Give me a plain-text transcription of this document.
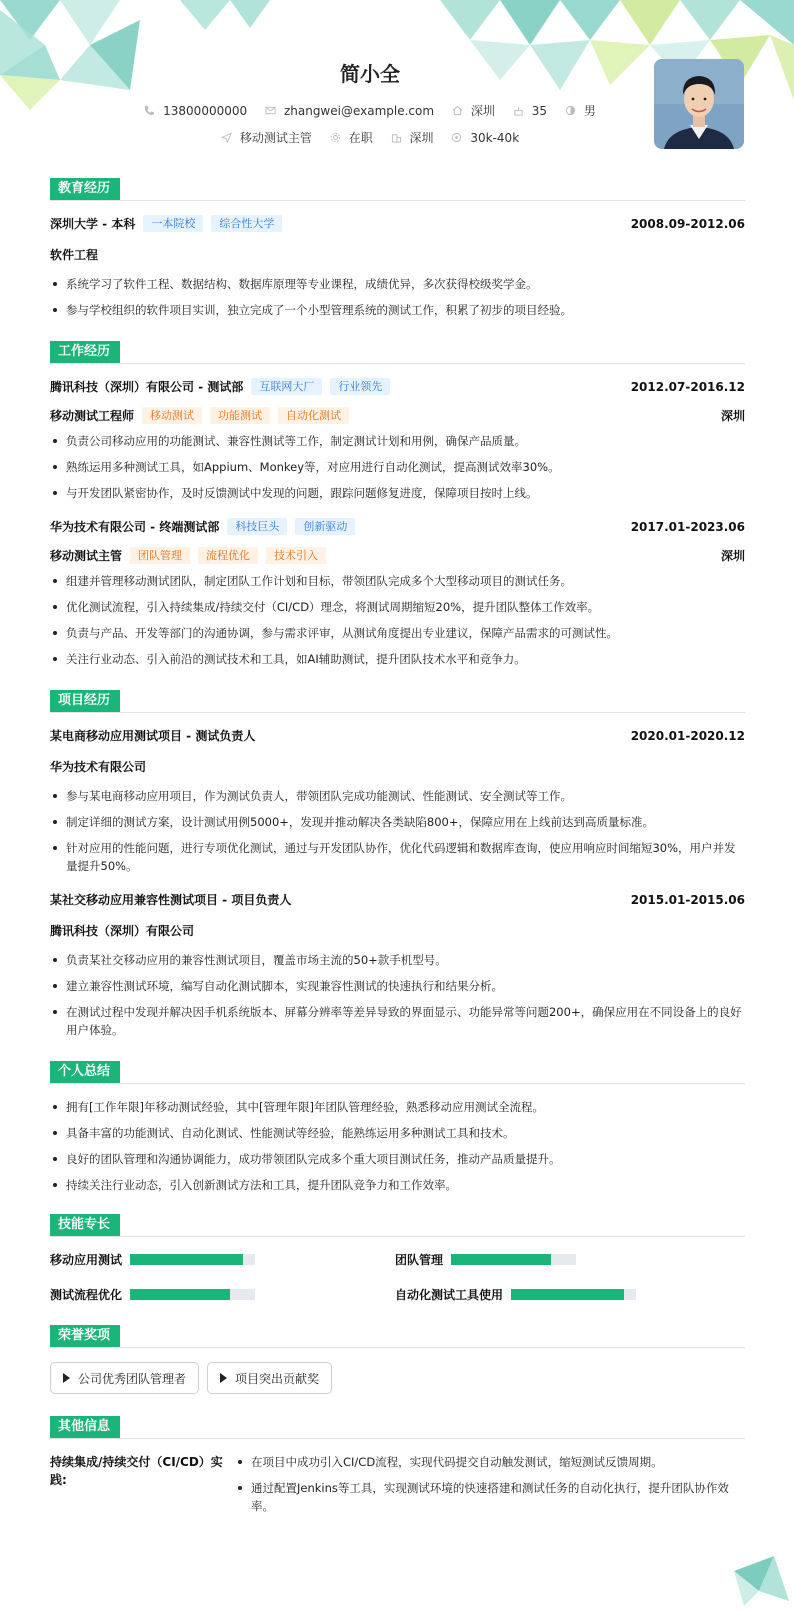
简小全
13800000000
	zhangwei@example.com
	深圳
	35
	男
移动测试主管
	在职
	深圳
	30k-40k
教育经历
深圳大学 - 本科	一本院校	综合性大学	2008.09-2012.06
软件工程
系统学习了软件工程、数据结构、数据库原理等专业课程，成绩优异，多次获得校级奖学金。
参与学校组织的软件项目实训，独立完成了一个小型管理系统的测试工作，积累了初步的项目经验。
工作经历
腾讯科技（深圳）有限公司 - 测试部	互联网大厂	行业领先	2012.07-2016.12
移动测试工程师	移动测试	功能测试	自动化测试	深圳
负责公司移动应用的功能测试、兼容性测试等工作，制定测试计划和用例，确保产品质量。
熟练运用多种测试工具，如Appium、Monkey等，对应用进行自动化测试，提高测试效率30%。
与开发团队紧密协作，及时反馈测试中发现的问题，跟踪问题修复进度，保障项目按时上线。
华为技术有限公司 - 终端测试部	科技巨头	创新驱动	2017.01-2023.06
移动测试主管	团队管理	流程优化	技术引入	深圳
组建并管理移动测试团队，制定团队工作计划和目标，带领团队完成多个大型移动项目的测试任务。
优化测试流程，引入持续集成/持续交付（CI/CD）理念，将测试周期缩短20%，提升团队整体工作效率。
负责与产品、开发等部门的沟通协调，参与需求评审，从测试角度提出专业建议，保障产品需求的可测试性。
关注行业动态、引入前沿的测试技术和工具，如AI辅助测试，提升团队技术水平和竞争力。
项目经历
某电商移动应用测试项目 - 测试负责人	2020.01-2020.12
华为技术有限公司
参与某电商移动应用项目，作为测试负责人，带领团队完成功能测试、性能测试、安全测试等工作。
制定详细的测试方案，设计测试用例5000+，发现并推动解决各类缺陷800+，保障应用在上线前达到高质量标准。
针对应用的性能问题，进行专项优化测试，通过与开发团队协作，优化代码逻辑和数据库查询，使应用响应时间缩短30%，用户并发量提升50%。
某社交移动应用兼容性测试项目 - 项目负责人	2015.01-2015.06
腾讯科技（深圳）有限公司
负责某社交移动应用的兼容性测试项目，覆盖市场主流的50+款手机型号。
建立兼容性测试环境，编写自动化测试脚本，实现兼容性测试的快速执行和结果分析。
在测试过程中发现并解决因手机系统版本、屏幕分辨率等差异导致的界面显示、功能异常等问题200+，确保应用在不同设备上的良好用户体验。
个人总结
拥有[工作年限]年移动测试经验，其中[管理年限]年团队管理经验，熟悉移动应用测试全流程。
具备丰富的功能测试、自动化测试、性能测试等经验，能熟练运用多种测试工具和技术。
良好的团队管理和沟通协调能力，成功带领团队完成多个重大项目测试任务，推动产品质量提升。
持续关注行业动态，引入创新测试方法和工具，提升团队竞争力和工作效率。
技能专长
移动应用测试	团队管理
测试流程优化	自动化测试工具使用
荣誉奖项
公司优秀团队管理者	项目突出贡献奖
其他信息
持续集成/持续交付（CI/CD）实践:
在项目中成功引入CI/CD流程，实现代码提交自动触发测试，缩短测试反馈周期。
通过配置Jenkins等工具，实现测试环境的快速搭建和测试任务的自动化执行，提升团队协作效率。
